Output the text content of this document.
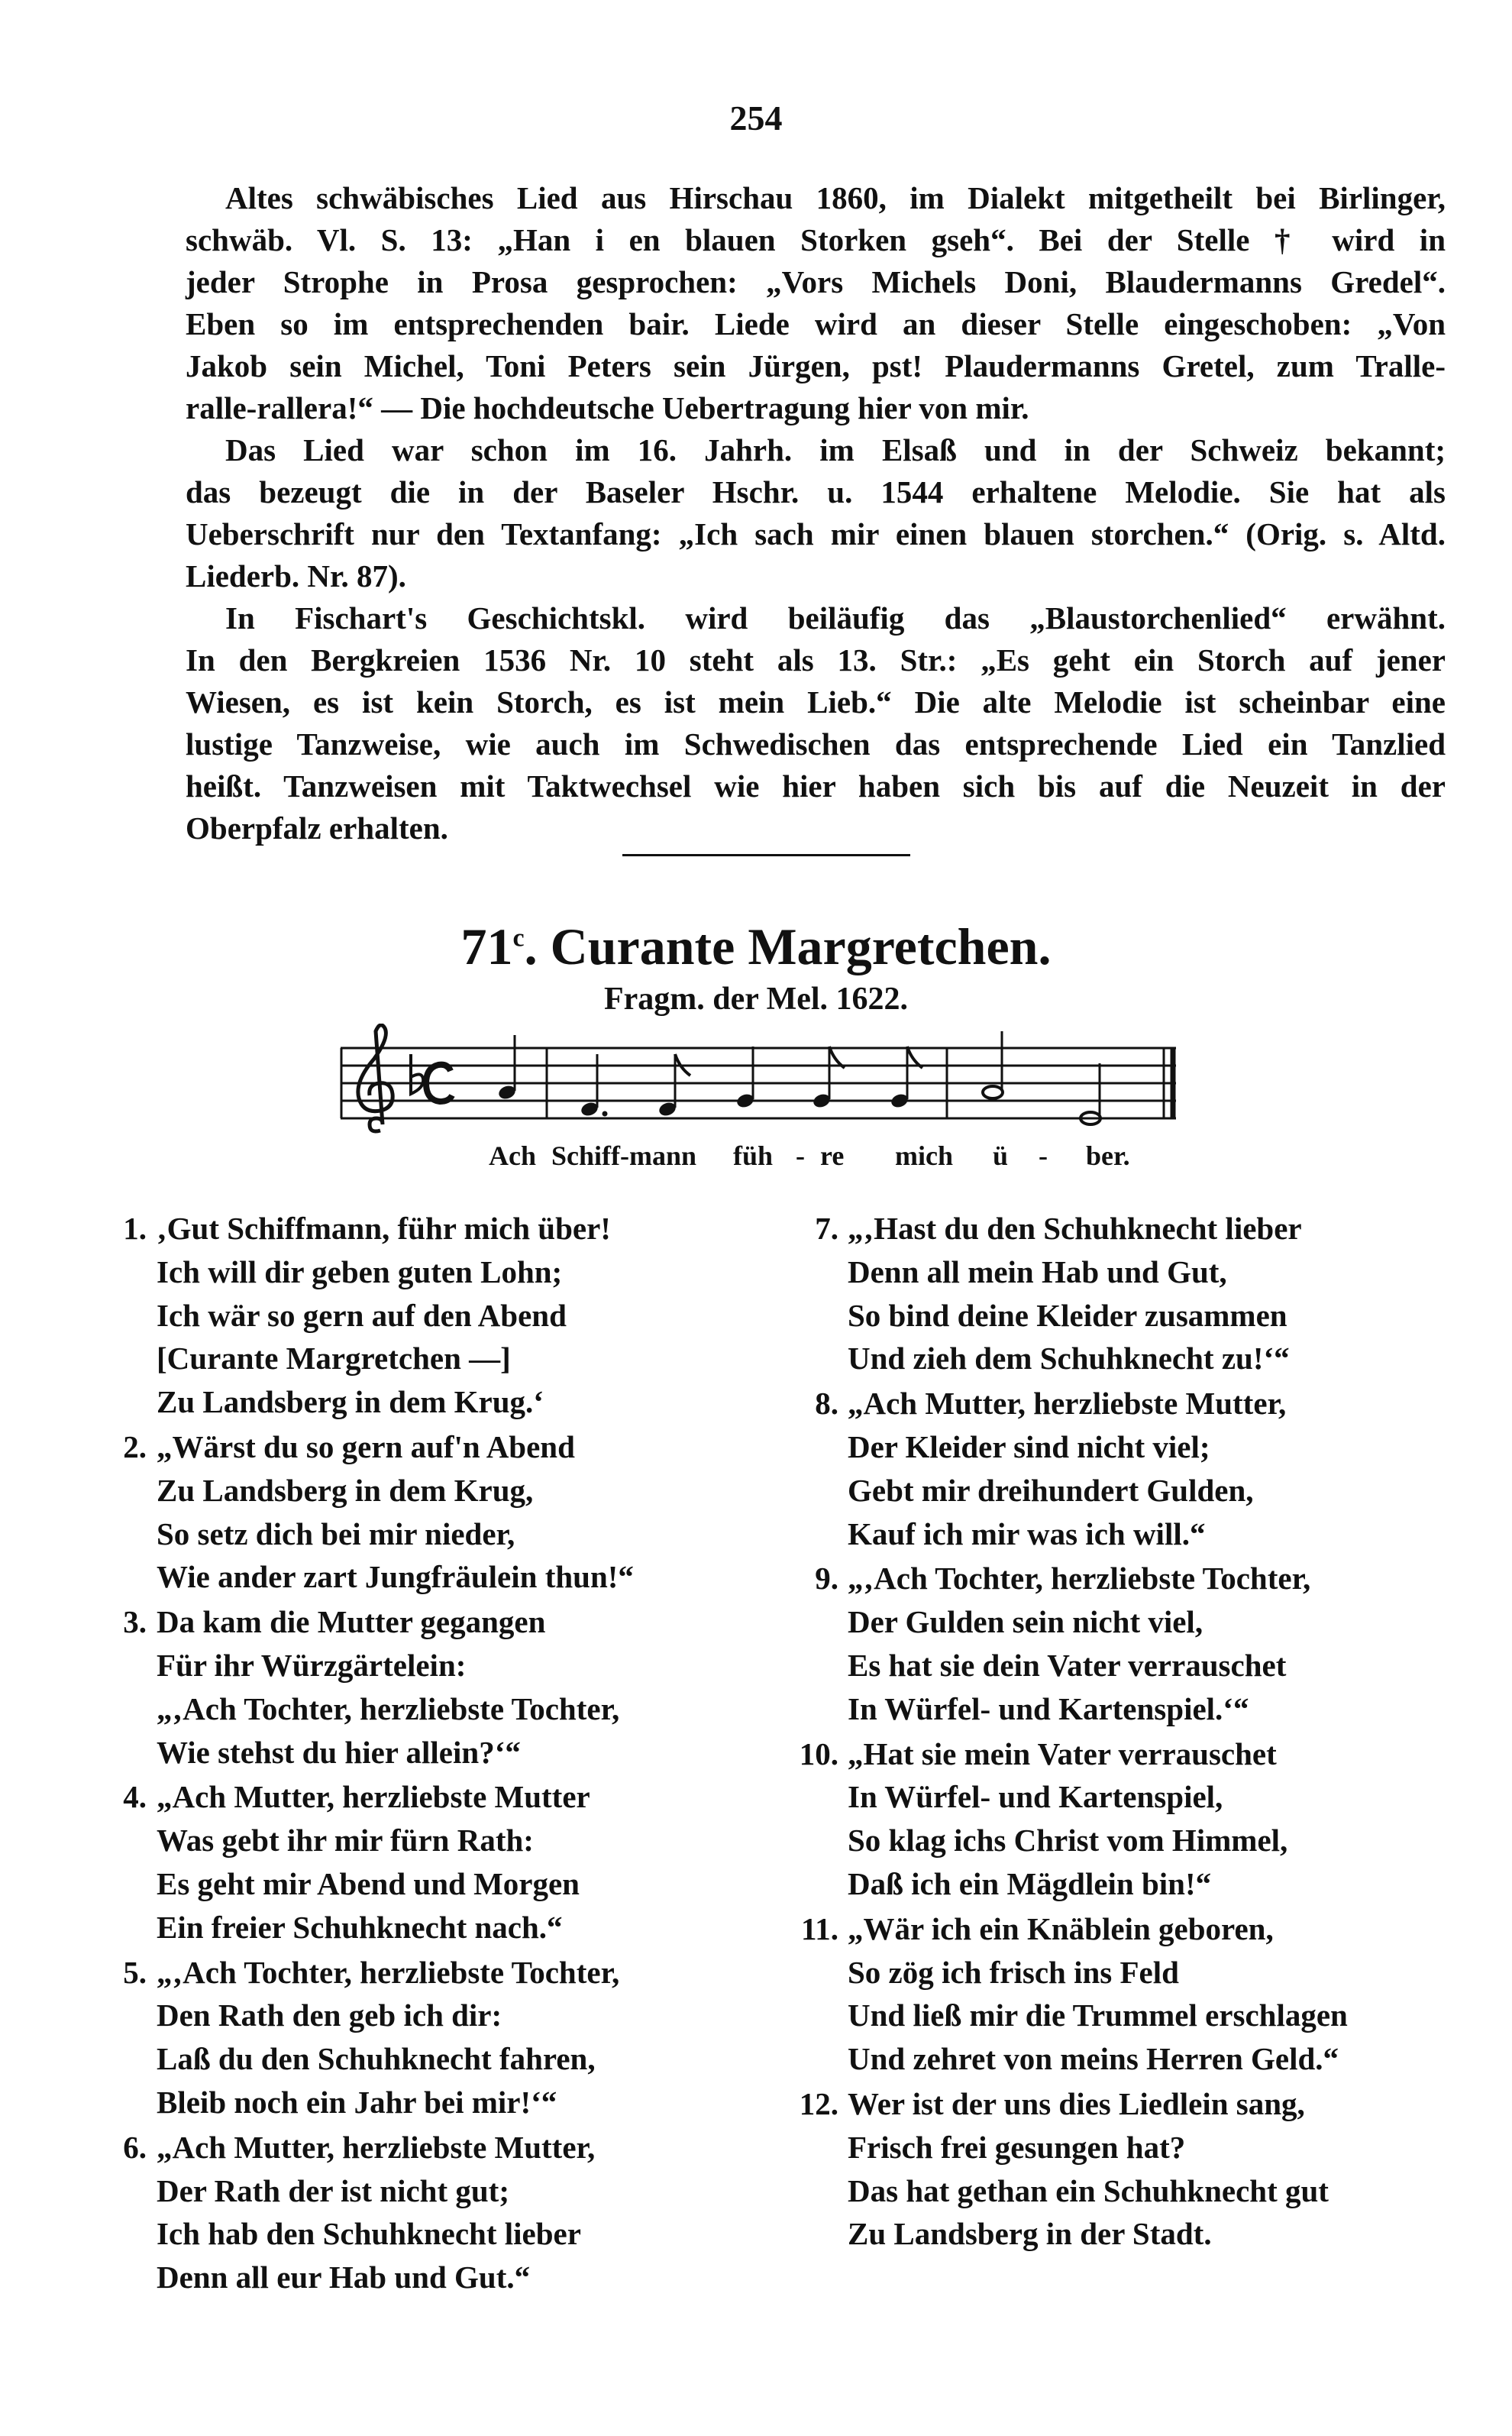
254
Altes schwäbisches Lied aus Hirschau 1860, im Dialekt mitgetheilt bei Birlinger,
schwäb. Vl. S. 13: „Han i en blauen Storken gseh“. Bei der Stelle † wird in
jeder Strophe in Prosa gesprochen: „Vors Michels Doni, Blaudermanns Gredel“.
Eben so im entsprechenden bair. Liede wird an dieser Stelle eingeschoben: „Von
Jakob sein Michel, Toni Peters sein Jürgen, pst! Plaudermanns Gretel, zum Tralle-
ralle-rallera!“ — Die hochdeutsche Uebertragung hier von mir.
Das Lied war schon im 16. Jahrh. im Elsaß und in der Schweiz bekannt;
das bezeugt die in der Baseler Hschr. u. 1544 erhaltene Melodie. Sie hat als
Ueberschrift nur den Textanfang: „Ich sach mir einen blauen storchen.“ (Orig. s. Altd.
Liederb. Nr. 87).
In Fischart's Geschichtskl. wird beiläufig das „Blaustorchenlied“ erwähnt.
In den Bergkreien 1536 Nr. 10 steht als 13. Str.: „Es geht ein Storch auf jener
Wiesen, es ist kein Storch, es ist mein Lieb.“ Die alte Melodie ist scheinbar eine
lustige Tanzweise, wie auch im Schwedischen das entsprechende Lied ein Tanzlied
heißt. Tanzweisen mit Taktwechsel wie hier haben sich bis auf die Neuzeit in der
Oberpfalz erhalten.
71$^c$. Curante Margretchen.
Fragm. der Mel. 1622.
Ach Schiff-mann füh - re mich ü - ber.
1. ‚Gut Schiffmann, führ mich über!
Ich will dir geben guten Lohn;
Ich wär so gern auf den Abend
[Curante Margretchen —]
Zu Landsberg in dem Krug.‘
2. „Wärst du so gern auf'n Abend
Zu Landsberg in dem Krug,
So setz dich bei mir nieder,
Wie ander zart Jungfräulein thun!“
3. Da kam die Mutter gegangen
Für ihr Würzgärtelein:
„‚Ach Tochter, herzliebste Tochter,
Wie stehst du hier allein?‘“
4. „Ach Mutter, herzliebste Mutter
Was gebt ihr mir fürn Rath:
Es geht mir Abend und Morgen
Ein freier Schuhknecht nach.“
5. „‚Ach Tochter, herzliebste Tochter,
Den Rath den geb ich dir:
Laß du den Schuhknecht fahren,
Bleib noch ein Jahr bei mir!‘“
6. „Ach Mutter, herzliebste Mutter,
Der Rath der ist nicht gut;
Ich hab den Schuhknecht lieber
Denn all eur Hab und Gut.“
7. „‚Hast du den Schuhknecht lieber
Denn all mein Hab und Gut,
So bind deine Kleider zusammen
Und zieh dem Schuhknecht zu!‘“
8. „Ach Mutter, herzliebste Mutter,
Der Kleider sind nicht viel;
Gebt mir dreihundert Gulden,
Kauf ich mir was ich will.“
9. „‚Ach Tochter, herzliebste Tochter,
Der Gulden sein nicht viel,
Es hat sie dein Vater verrauschet
In Würfel- und Kartenspiel.‘“
10. „Hat sie mein Vater verrauschet
In Würfel- und Kartenspiel,
So klag ichs Christ vom Himmel,
Daß ich ein Mägdlein bin!“
11. „Wär ich ein Knäblein geboren,
So zög ich frisch ins Feld
Und ließ mir die Trummel erschlagen
Und zehret von meins Herren Geld.“
12. Wer ist der uns dies Liedlein sang,
Frisch frei gesungen hat?
Das hat gethan ein Schuhknecht gut
Zu Landsberg in der Stadt.
